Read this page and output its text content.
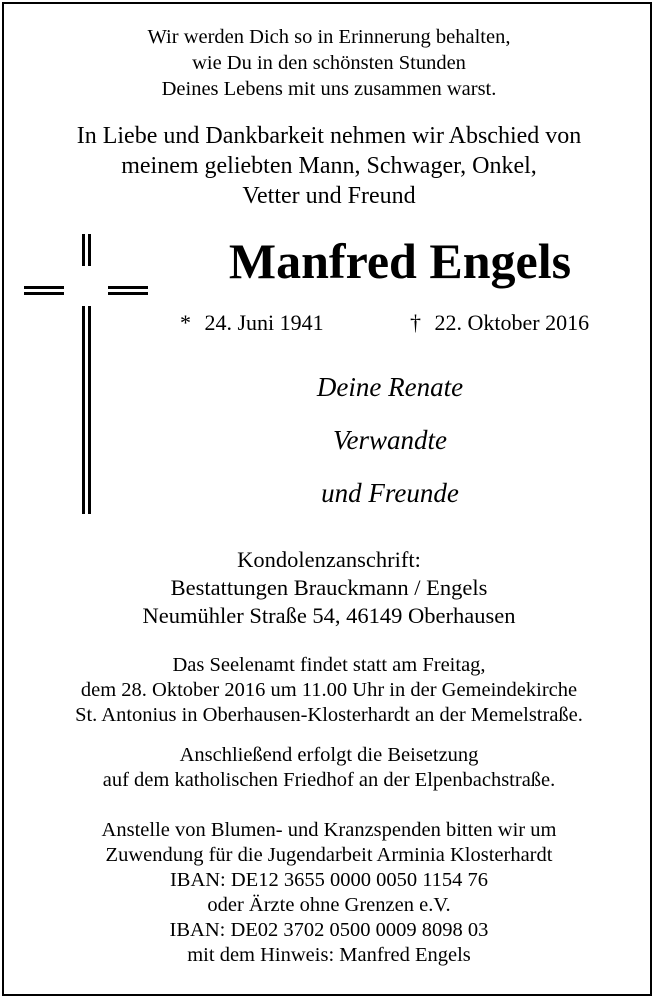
Wir werden Dich so in Erinnerung behalten,
wie Du in den schönsten Stunden
Deines Lebens mit uns zusammen warst.
In Liebe und Dankbarkeit nehmen wir Abschied von
meinem geliebten Mann, Schwager, Onkel,
Vetter und Freund
Manfred Engels
* 24. Juni 1941	† 22. Oktober 2016
Deine Renate
Verwandte
und Freunde
Kondolenzanschrift:
Bestattungen Brauckmann / Engels
Neumühler Straße 54, 46149 Oberhausen
Das Seelenamt findet statt am Freitag,
dem 28. Oktober 2016 um 11.00 Uhr in der Gemeindekirche
St. Antonius in Oberhausen-Klosterhardt an der Memelstraße.
Anschließend erfolgt die Beisetzung
auf dem katholischen Friedhof an der Elpenbachstraße.
Anstelle von Blumen- und Kranzspenden bitten wir um
Zuwendung für die Jugendarbeit Arminia Klosterhardt
IBAN: DE12 3655 0000 0050 1154 76
oder Ärzte ohne Grenzen e.V.
IBAN: DE02 3702 0500 0009 8098 03
mit dem Hinweis: Manfred Engels
